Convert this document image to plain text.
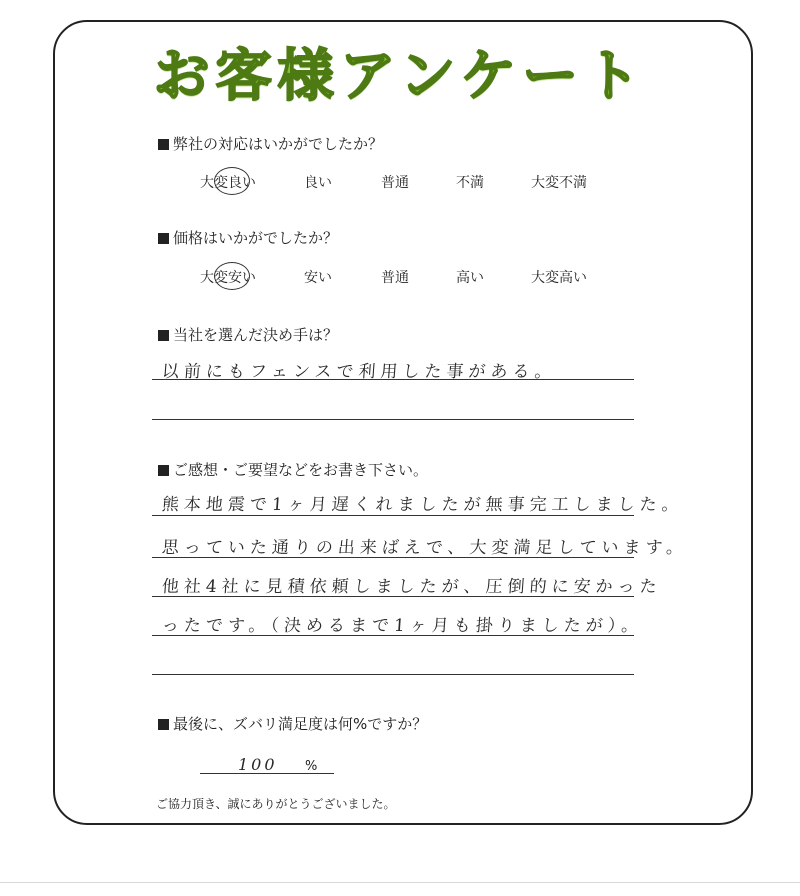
お客様アンケート
弊社の対応はいかがでしたか？
大変良い	良い	普通	不満	大変不満
価格はいかがでしたか？
大変安い	安い	普通	高い	大変高い
当社を選んだ決め手は？
以前にもフェンスで利用した事がある。
ご感想・ご要望などをお書き下さい。
熊本地震で1ヶ月遅くれましたが無事完工しました。
思っていた通りの出来ばえで、大変満足しています。
他社4社に見積依頼しましたが、圧倒的に安かった
ったです。（決めるまで1ヶ月も掛りましたが）。
最後に、ズバリ満足度は何%ですか？
100 %
ご協力頂き、誠にありがとうございました。
